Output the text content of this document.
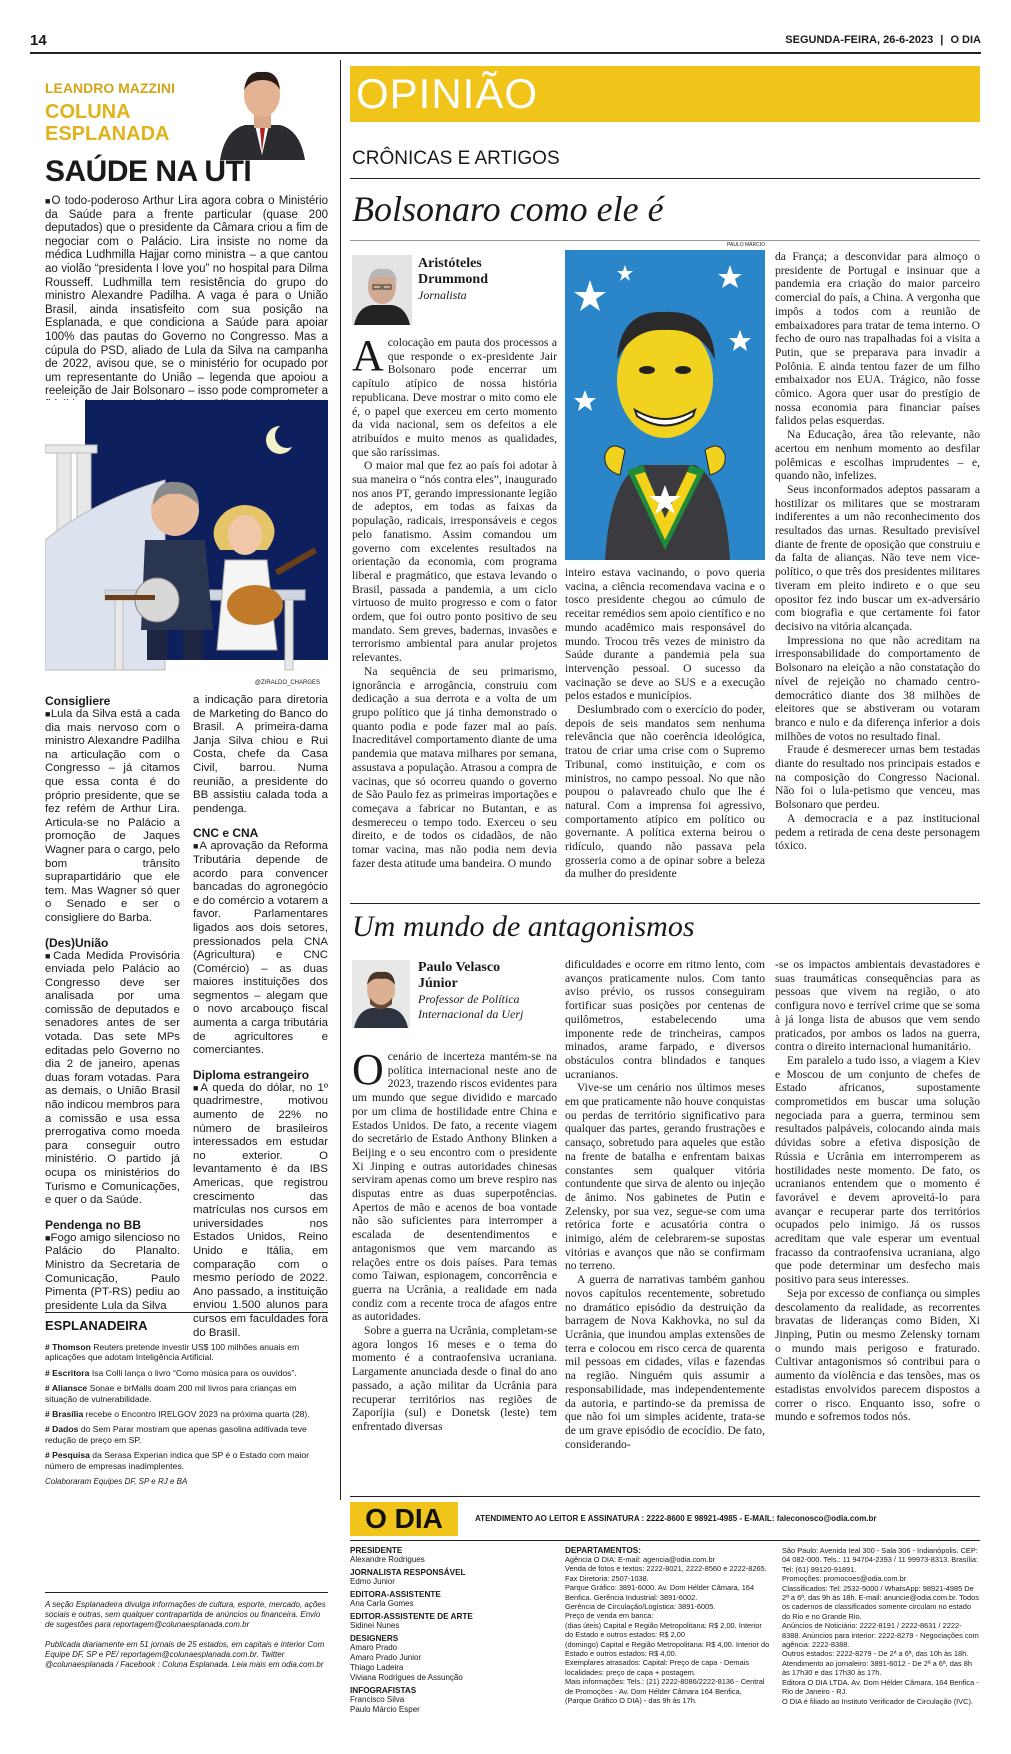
14	SEGUNDA-FEIRA, 26-6-2023 | O DIA
LEANDRO MAZZINI
COLUNA
ESPLANADA
SAÚDE NA UTI
■ O todo-poderoso Arthur Lira agora cobra o Ministério da Saúde para a frente particular (quase 200 deputados) que o presidente da Câmara criou a fim de negociar com o Palácio. Lira insiste no nome da médica Ludhmilla Hajjar como ministra – a que cantou ao violão “presidenta I love you” no hospital para Dilma Rousseff. Ludhmilla tem resistência do grupo do ministro Alexandre Padilha. A vaga é para o União Brasil, ainda insatisfeito com sua posição na Esplanada, e que condiciona a Saúde para apoiar 100% das pautas do Governo no Congresso. Mas a cúpula do PSD, aliado de Lula da Silva na campanha de 2022, avisou que, se o ministério for ocupado por um representante do União – legenda que apoiou a reeleição de Jair Bolsonaro – isso pode comprometer a
@ZIRALDO_CHARGES
Consigliere
■ Lula da Silva está a cada dia mais nervoso com o ministro Alexandre Padilha na articulação com o Congresso – já citamos que essa conta é do próprio presidente, que se fez refém de Arthur Lira. Articula-se no Palácio a promoção de Jaques Wagner para o cargo, pelo bom trânsito suprapartidário que ele tem. Mas Wagner só quer o Senado e ser o consigliere do Barba.
(Des)União
■ Cada Medida Provisória enviada pelo Palácio ao Congresso deve ser analisada por uma comissão de deputados e senadores antes de ser votada. Das sete MPs editadas pelo Governo no dia 2 de janeiro, apenas duas foram votadas. Para as demais, o União Brasil não indicou membros para a comissão e usa essa prerrogativa como moeda para conseguir outro ministério. O partido já ocupa os ministérios do Turismo e Comunicações, e quer o da Saúde.
Pendenga no BB
■ Fogo amigo silencioso no Palácio do Planalto. Ministro da Secretaria de Comunicação, Paulo Pimenta (PT-RS) pediu ao presidente Lula da Silva
a indicação para diretoria de Marketing do Banco do Brasil. A primeira-dama Janja Silva chiou e Rui Costa, chefe da Casa Civil, barrou. Numa reunião, a presidente do BB assistiu calada toda a pendenga.
CNC e CNA
■ A aprovação da Reforma Tributária depende de acordo para convencer bancadas do agronegócio e do comércio a votarem a favor. Parlamentares ligados aos dois setores, pressionados pela CNA (Agricultura) e CNC (Comércio) – as duas maiores instituições dos segmentos – alegam que o novo arcabouço fiscal aumenta a carga tributária de agricultores e comerciantes.
Diploma estrangeiro
■ A queda do dólar, no 1º quadrimestre, motivou aumento de 22% no número de brasileiros interessados em estudar no exterior. O levantamento é da IBS Americas, que registrou crescimento das matrículas nos cursos em universidades nos Estados Unidos, Reino Unido e Itália, em comparação com o mesmo período de 2022. Ano passado, a instituição enviou 1.500 alunos para cursos em faculdades fora do Brasil.
ESPLANADEIRA
# Thomson Reuters pretende investir US$ 100 milhões anuais em aplicações que adotam Inteligência Artificial.
# Escritora Isa Colli lança o livro “Como música para os ouvidos”.
# Aliansce Sonae e brMalls doam 200 mil livros para crianças em situação de vulnerabilidade.
# Brasília recebe o Encontro IRELGOV 2023 na próxima quarta (28).
# Dados do Sem Parar mostram que apenas gasolina aditivada teve redução de preço em SP.
# Pesquisa da Serasa Experian indica que SP é o Estado com maior número de empresas inadimplentes.
Colaboraram Equipes DF, SP e RJ e BA
A seção Esplanadeira divulga informações de cultura, esporte, mercado, ações sociais e outras, sem qualquer contrapartida de anúncios ou financeira. Envio de sugestões para reportagem@colunaesplanada.com.br
Publicada diariamente em 51 jornais de 25 estados, em capitais e interior Com Equipe DF, SP e PE/ reportagem@colunaesplanada.com.br. Twitter @colunaesplanada / Facebook : Coluna Esplanada. Leia mais em odia.com.br
OPINIÃO
CRÔNICAS E ARTIGOS
Bolsonaro como ele é
Aristóteles
Drummond
Jornalista
PAULO MÁRCIO
Acolocação em pauta dos processos a que responde o ex-presidente Jair Bolsonaro pode encerrar um capítulo atípico de nossa história republicana. Deve mostrar o mito como ele é, o papel que exerceu em certo momento da vida nacional, sem os defeitos a ele atribuídos e muito menos as qualidades, que são raríssimas.

O maior mal que fez ao país foi adotar à sua maneira o “nós contra eles”, inaugurado nos anos PT, gerando impressionante legião de adeptos, em todas as faixas da população, radicais, irresponsáveis e cegos pelo fanatismo. Assim comandou um governo com excelentes resultados na orientação da economia, com programa liberal e pragmático, que estava levando o Brasil, passada a pandemia, a um ciclo virtuoso de muito progresso e com o fator ordem, que foi outro ponto positivo de seu mandato. Sem greves, badernas, invasões e terrorismo ambiental para anular projetos relevantes.

Na sequência de seu primarismo, ignorância e arrogância, construiu com dedicação a sua derrota e a volta de um grupo político que já tinha demonstrado o quanto podia e pode fazer mal ao país. Inacreditável comportamento diante de uma pandemia que matava milhares por semana, assustava a população. Atrasou a compra de vacinas, que só ocorreu quando o governo de São Paulo fez as primeiras importações e começava a fabricar no Butantan, e as desmereceu o tempo todo. Exerceu o seu direito, e de todos os cidadãos, de não tomar vacina, mas não podia nem devia fazer desta atitude uma bandeira. O mundo

inteiro estava vacinando, o povo queria vacina, a ciência recomendava vacina e o tosco presidente chegou ao cúmulo de receitar remédios sem apoio científico e no mundo acadêmico mais responsável do mundo. Trocou três vezes de ministro da Saúde durante a pandemia pela sua intervenção pessoal. O sucesso da vacinação se deve ao SUS e a execução pelos estados e municípios.

Deslumbrado com o exercício do poder, depois de seis mandatos sem nenhuma relevância que não coerência ideológica, tratou de criar uma crise com o Supremo Tribunal, como instituição, e com os ministros, no campo pessoal. No que não poupou o palavreado chulo que lhe é natural. Com a imprensa foi agressivo, comportamento atípico em político ou governante. A política externa beirou o ridículo, quando não passava pela grosseria como a de opinar sobre a beleza da mulher do presidente

da França; a desconvidar para almoço o presidente de Portugal e insinuar que a pandemia era criação do maior parceiro comercial do país, a China. A vergonha que impôs a todos com a reunião de embaixadores para tratar de tema interno. O fecho de ouro nas trapalhadas foi a visita a Putin, que se preparava para invadir a Polônia. E ainda tentou fazer de um filho embaixador nos EUA. Trágico, não fosse cômico. Agora quer usar do prestígio de nossa economia para financiar países falidos pelas esquerdas.

Na Educação, área tão relevante, não acertou em nenhum momento ao desfilar polêmicas e escolhas imprudentes – e, quando não, infelizes.

Seus inconformados adeptos passaram a hostilizar os militares que se mostraram indiferentes a um não reconhecimento dos resultados das urnas. Resultado previsível diante de frente de oposição que construiu e da falta de alianças. Não teve nem vice-político, o que três dos presidentes militares tiveram em pleito indireto e o que seu opositor fez indo buscar um ex-adversário com biografia e que certamente foi fator decisivo na vitória alcançada.

Impressiona no que não acreditam na irresponsabilidade do comportamento de Bolsonaro na eleição a não constatação do nível de rejeição no chamado centro-democrático diante dos 38 milhões de eleitores que se abstiveram ou votaram branco e nulo e da diferença inferior a dois milhões de votos no resultado final.

Fraude é desmerecer urnas bem testadas diante do resultado nos principais estados e na composição do Congresso Nacional. Não foi o lula-petismo que venceu, mas Bolsonaro que perdeu.

A democracia e a paz institucional pedem a retirada de cena deste personagem tóxico.

Um mundo de antagonismos
Paulo Velasco
Júnior
Professor de Política
Internacional da Uerj
Ocenário de incerteza mantém-se na política internacional neste ano de 2023, trazendo riscos evidentes para um mundo que segue dividido e marcado por um clima de hostilidade entre China e Estados Unidos. De fato, a recente viagem do secretário de Estado Anthony Blinken a Beijing e o seu encontro com o presidente Xi Jinping e outras autoridades chinesas serviram apenas como um breve respiro nas disputas entre as duas superpotências. Apertos de mão e acenos de boa vontade não são suficientes para interromper a escalada de desentendimentos e antagonismos que vem marcando as relações entre os dois países. Para temas como Taiwan, espionagem, concorrência e guerra na Ucrânia, a realidade em nada condiz com a recente troca de afagos entre as autoridades.

Sobre a guerra na Ucrânia, completam-se agora longos 16 meses e o tema do momento é a contraofensiva ucraniana. Largamente anunciada desde o final do ano passado, a ação militar da Ucrânia para recuperar territórios nas regiões de Zaporíjia (sul) e Donetsk (leste) tem enfrentado diversas

dificuldades e ocorre em ritmo lento, com avanços praticamente nulos. Com tanto aviso prévio, os russos conseguiram fortificar suas posições por centenas de quilômetros, estabelecendo uma imponente rede de trincheiras, campos minados, arame farpado, e diversos obstáculos contra blindados e tanques ucranianos.

Vive-se um cenário nos últimos meses em que praticamente não houve conquistas ou perdas de território significativo para qualquer das partes, gerando frustrações e cansaço, sobretudo para aqueles que estão na frente de batalha e enfrentam baixas constantes sem qualquer vitória contundente que sirva de alento ou injeção de ânimo. Nos gabinetes de Putin e Zelensky, por sua vez, segue-se com uma retórica forte e acusatória contra o inimigo, além de celebrarem-se supostas vitórias e avanços que não se confirmam no terreno.

A guerra de narrativas também ganhou novos capítulos recentemente, sobretudo no dramático episódio da destruição da barragem de Nova Kakhovka, no sul da Ucrânia, que inundou amplas extensões de terra e colocou em risco cerca de quarenta mil pessoas em cidades, vilas e fazendas na região. Ninguém quis assumir a responsabilidade, mas independentemente da autoria, e partindo-se da premissa de que não foi um simples acidente, trata-se de um grave episódio de ecocídio. De fato, considerando-

-se os impactos ambientais devastadores e suas traumáticas consequências para as pessoas que vivem na região, o ato configura novo e terrível crime que se soma à já longa lista de abusos que vem sendo praticados, por ambos os lados na guerra, contra o direito internacional humanitário.

Em paralelo a tudo isso, a viagem a Kiev e Moscou de um conjunto de chefes de Estado africanos, supostamente comprometidos em buscar uma solução negociada para a guerra, terminou sem resultados palpáveis, colocando ainda mais dúvidas sobre a efetiva disposição de Rússia e Ucrânia em interromperem as hostilidades neste momento. De fato, os ucranianos entendem que o momento é favorável e devem aproveitá-lo para avançar e recuperar parte dos territórios ocupados pelo inimigo. Já os russos acreditam que vale esperar um eventual fracasso da contraofensiva ucraniana, algo que pode determinar um desfecho mais positivo para seus interesses.

Seja por excesso de confiança ou simples descolamento da realidade, as recorrentes bravatas de lideranças como Biden, Xi Jinping, Putin ou mesmo Zelensky tornam o mundo mais perigoso e fraturado. Cultivar antagonismos só contribui para o aumento da violência e das tensões, mas os estadistas envolvidos parecem dispostos a correr o risco. Enquanto isso, sofre o mundo e sofremos todos nós.

O DIA	ATENDIMENTO AO LEITOR E ASSINATURA : 2222-8600 E 98921-4985 - E-MAIL: faleconosco@odia.com.br
PRESIDENTE
Alexandre Rodrigues
JORNALISTA RESPONSÁVEL
Edmo Junior
EDITORA-ASSISTENTE
Ana Carla Gomes
EDITOR-ASSISTENTE DE ARTE
Sidinei Nunes
DESIGNERS
Amaro Prado
Amaro Prado Junior
Thiago Ladeira
Viviana Rodrigues de Assunção
INFOGRAFISTAS
Francisco Silva
Paulo Márcio Esper
DEPARTAMENTOS:
Agência O DIA: E-mail: agencia@odia.com.br
Venda de fotos e textos: 2222-8021, 2222-8560 e 2222-8265. Fax Diretoria: 2507-1038.
Parque Gráfico: 3891-6000. Av. Dom Hélder Câmara, 164 Benfica. Gerência Industrial: 3891-6002.
Gerência de Circulação/Logística: 3891-6005.
Preço de venda em banca:
(dias úteis) Capital e Região Metropolitana: R$ 2,00. Interior do Estado e outros estados: R$ 2,00
(domingo) Capital e Região Metropolitana: R$ 4,00. Interior do Estado e outros estados: R$ 4,00.
Exemplares atrasados: Capital: Preço de capa - Demais localidades: preço de capa + postagem.
Mais informações: Tels.: (21) 2222-8086/2222-8136 - Central de Promoções - Av. Dom Hélder Câmara 164 Benfica, (Parque Gráfico O DIA) - das 9h às 17h.
São Paulo: Avenida Ieal 300 - Sala 306 - Indianópolis. CEP: 04 082-000. Tels.: 11 94704-2393 / 11 99973-8313. Brasília: Tel: (61) 99120-91891.
Promoções: promocoes@odia.com.br
Classificados: Tel: 2532-5000 / WhatsApp: 98921-4985 De 2ª a 6ª, das 9h às 18h. E-mail: anuncie@odia.com.br. Todos os cadernos de classificados somente circulam no estado do Rio e no Grande Rio.
Anúncios de Noticiário: 2222-8191 / 2222-8631 / 2222-8388. Anúncios para interior: 2222-8279 - Negociações com agência: 2222-8388.
Outros estados: 2222-8279 - De 2ª a 6ª, das 10h às 18h.
Atendimento ao jornaleiro: 3891-6012 - De 2ª a 6ª, das 8h às 17h30 e das 17h30 às 17h.
Editora O DIA LTDA. Av. Dom Hélder Câmara, 164 Benfica - Rio de Janeiro - RJ.
O DIA é filiado ao Instituto Verificador de Circulação (IVC).
